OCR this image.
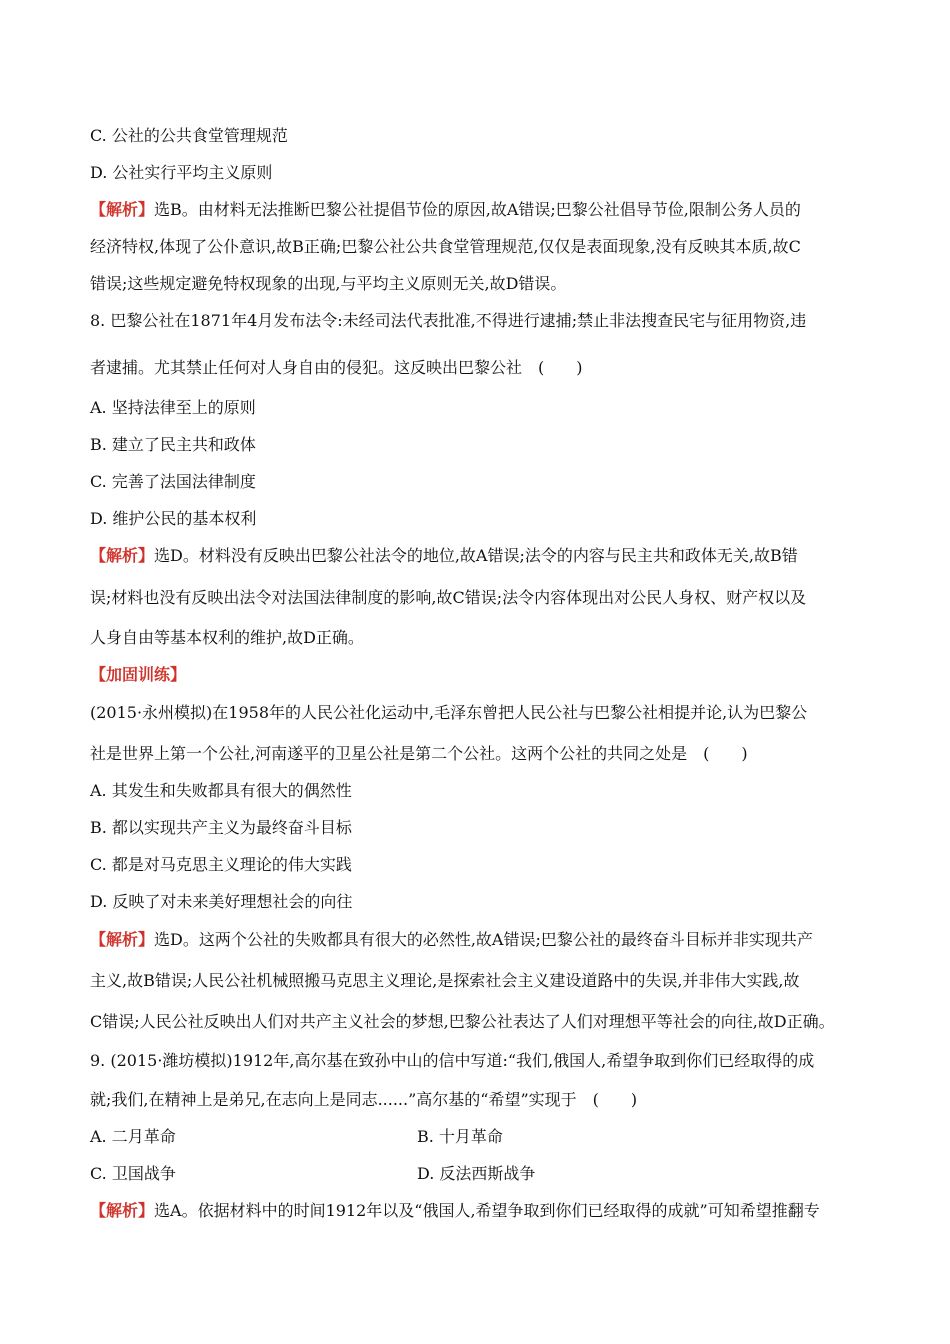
C. 公社的公共食堂管理规范
D. 公社实行平均主义原则
【解析】选B。由材料无法推断巴黎公社提倡节俭的原因,故A错误;巴黎公社倡导节俭,限制公务人员的
经济特权,体现了公仆意识,故B正确;巴黎公社公共食堂管理规范,仅仅是表面现象,没有反映其本质,故C
错误;这些规定避免特权现象的出现,与平均主义原则无关,故D错误。
8. 巴黎公社在1871年4月发布法令:未经司法代表批准,不得进行逮捕;禁止非法搜查民宅与征用物资,违
者逮捕。尤其禁止任何对人身自由的侵犯。这反映出巴黎公社　(　　)
A. 坚持法律至上的原则
B. 建立了民主共和政体
C. 完善了法国法律制度
D. 维护公民的基本权利
【解析】选D。材料没有反映出巴黎公社法令的地位,故A错误;法令的内容与民主共和政体无关,故B错
误;材料也没有反映出法令对法国法律制度的影响,故C错误;法令内容体现出对公民人身权、财产权以及
人身自由等基本权利的维护,故D正确。
【加固训练】
(2015·永州模拟)在1958年的人民公社化运动中,毛泽东曾把人民公社与巴黎公社相提并论,认为巴黎公
社是世界上第一个公社,河南遂平的卫星公社是第二个公社。这两个公社的共同之处是　(　　)
A. 其发生和失败都具有很大的偶然性
B. 都以实现共产主义为最终奋斗目标
C. 都是对马克思主义理论的伟大实践
D. 反映了对未来美好理想社会的向往
【解析】选D。这两个公社的失败都具有很大的必然性,故A错误;巴黎公社的最终奋斗目标并非实现共产
主义,故B错误;人民公社机械照搬马克思主义理论,是探索社会主义建设道路中的失误,并非伟大实践,故
C错误;人民公社反映出人们对共产主义社会的梦想,巴黎公社表达了人们对理想平等社会的向往,故D正确。
9. (2015·潍坊模拟)1912年,高尔基在致孙中山的信中写道:“我们,俄国人,希望争取到你们已经取得的成
就;我们,在精神上是弟兄,在志向上是同志......”高尔基的“希望”实现于　(　　)
A. 二月革命	B. 十月革命
C. 卫国战争	D. 反法西斯战争
【解析】选A。依据材料中的时间1912年以及“俄国人,希望争取到你们已经取得的成就”可知希望推翻专
